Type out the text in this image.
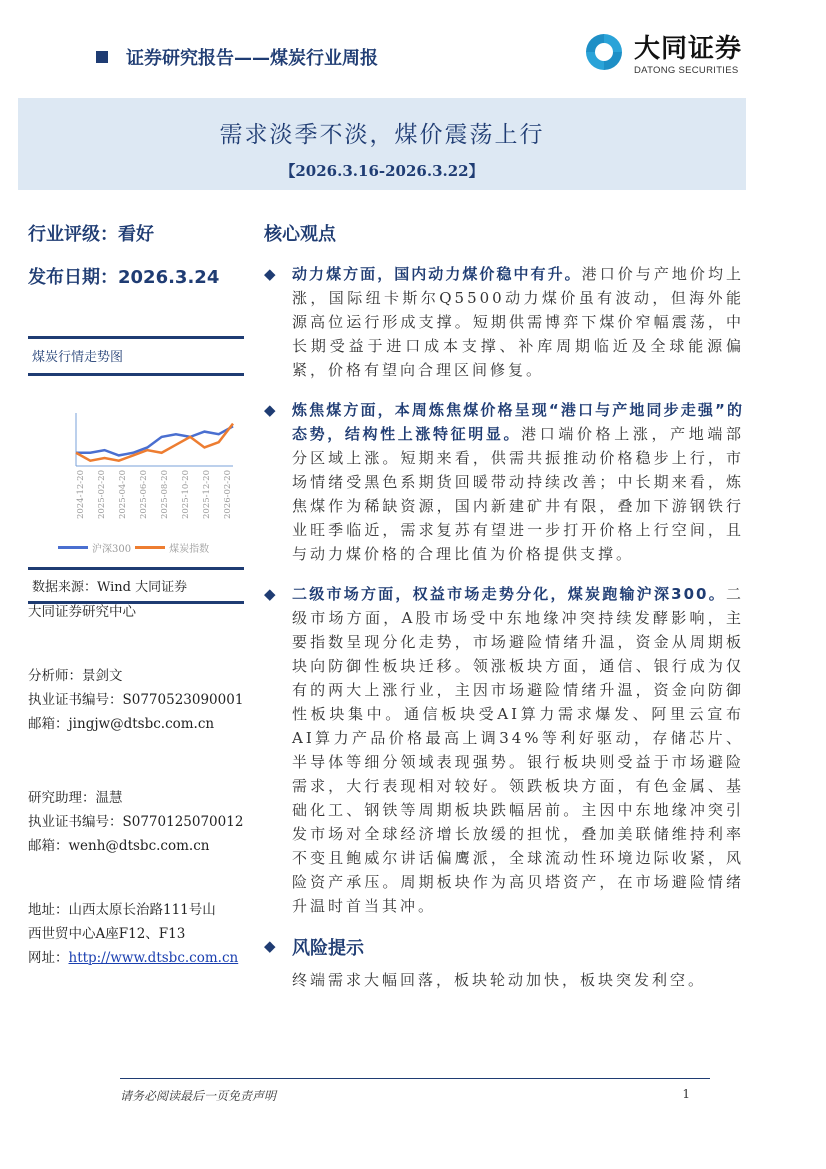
证券研究报告——煤炭行业周报	大同证券
DATONG SECURITIES
需求淡季不淡，煤价震荡上行
【2026.3.16-2026.3.22】
行业评级：看好
发布日期：2026.3.24
煤炭行情走势图
2024-12-20 2025-02-20 2025-04-20 2025-06-20 2025-08-20 2025-10-20 2025-12-20 2026-02-20
沪深300	煤炭指数
数据来源：Wind 大同证券
大同证券研究中心
分析师：景剑文
执业证书编号：S0770523090001
邮箱：jingjw@dtsbc.com.cn
研究助理：温慧
执业证书编号：S0770125070012
邮箱：wenh@dtsbc.com.cn
地址：山西太原长治路111号山
西世贸中心A座F12、F13
网址：http://www.dtsbc.com.cn
核心观点
◆ 动力煤方面，国内动力煤价稳中有升。港口价与产地价均上涨，国际纽卡斯尔Q5500动力煤价虽有波动，但海外能源高位运行形成支撑。短期供需博弈下煤价窄幅震荡，中长期受益于进口成本支撑、补库周期临近及全球能源偏紧，价格有望向合理区间修复。

◆ 炼焦煤方面，本周炼焦煤价格呈现“港口与产地同步走强”的态势，结构性上涨特征明显。港口端价格上涨，产地端部分区域上涨。短期来看，供需共振推动价格稳步上行，市场情绪受黑色系期货回暖带动持续改善；中长期来看，炼焦煤作为稀缺资源，国内新建矿井有限，叠加下游钢铁行业旺季临近，需求复苏有望进一步打开价格上行空间，且与动力煤价格的合理比值为价格提供支撑。

◆ 二级市场方面，权益市场走势分化，煤炭跑输沪深300。二级市场方面，A股市场受中东地缘冲突持续发酵影响，主要指数呈现分化走势，市场避险情绪升温，资金从周期板块向防御性板块迁移。领涨板块方面，通信、银行成为仅有的两大上涨行业，主因市场避险情绪升温，资金向防御性板块集中。通信板块受AI算力需求爆发、阿里云宣布AI算力产品价格最高上调34%等利好驱动，存储芯片、半导体等细分领域表现强势。银行板块则受益于市场避险需求，大行表现相对较好。领跌板块方面，有色金属、基础化工、钢铁等周期板块跌幅居前。主因中东地缘冲突引发市场对全球经济增长放缓的担忧，叠加美联储维持利率不变且鲍威尔讲话偏鹰派，全球流动性环境边际收紧，风险资产承压。周期板块作为高贝塔资产，在市场避险情绪升温时首当其冲。

◆ 风险提示

终端需求大幅回落，板块轮动加快，板块突发利空。

请务必阅读最后一页免责声明	1
